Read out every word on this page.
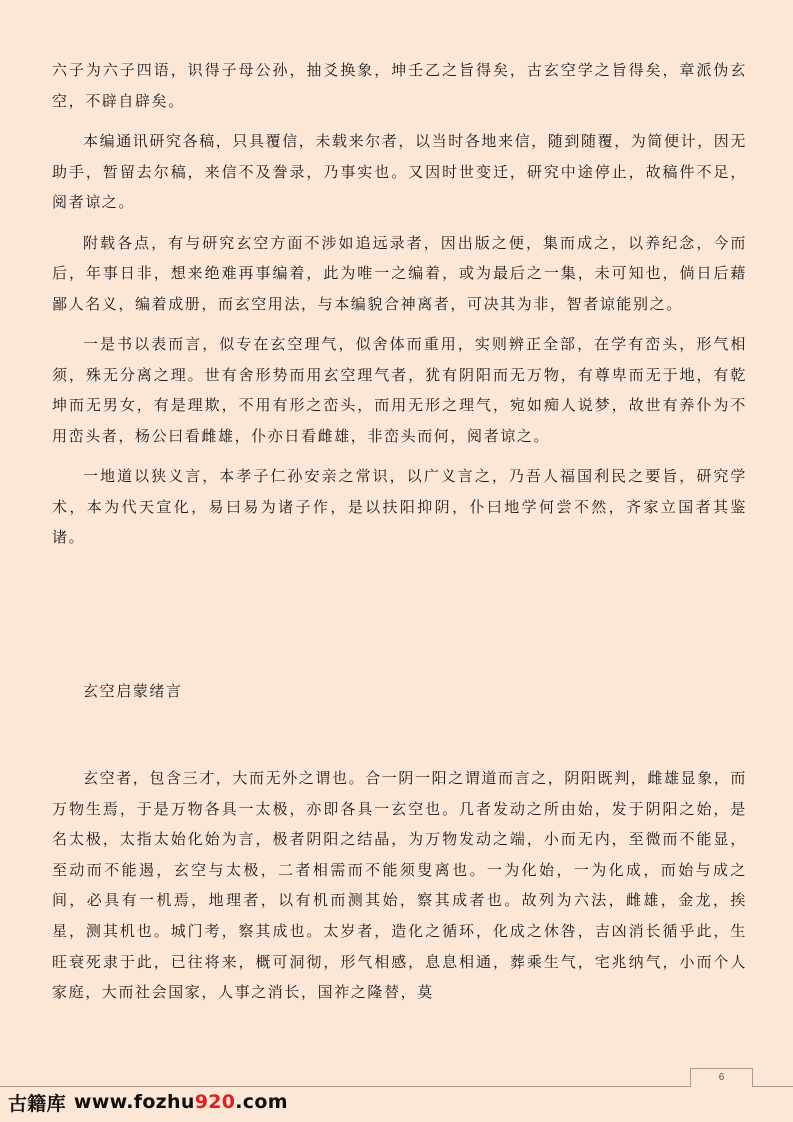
六子为六子四语，识得子母公孙，抽爻换象，坤壬乙之旨得矣，古玄空学之旨得矣，章派伪玄空，不辟自辟矣。

本编通讯研究各稿，只具覆信，未载来尔者，以当时各地来信，随到随覆，为简便计，因无助手，暂留去尔稿，来信不及誊录，乃事实也。又因时世变迁，研究中途停止，故稿件不足，阅者谅之。

附载各点，有与研究玄空方面不涉如追远录者，因出版之便，集而成之，以养纪念，今而后，年事日非，想来绝难再事编着，此为唯一之编着，或为最后之一集，未可知也，倘日后藉鄙人名义，编着成册，而玄空用法，与本编貌合神离者，可决其为非，智者谅能别之。

一是书以表而言，似专在玄空理气，似舍体而重用，实则辨正全部，在学有峦头，形气相须，殊无分离之理。世有舍形势而用玄空理气者，犹有阴阳而无万物，有尊卑而无于地，有乾坤而无男女，有是理欺，不用有形之峦头，而用无形之理气，宛如痴人说梦，故世有养仆为不用峦头者，杨公曰看雌雄，仆亦日看雌雄，非峦头而何，阅者谅之。

一地道以狭义言，本孝子仁孙安亲之常识，以广义言之，乃吾人福国利民之要旨，研究学术，本为代天宣化，易曰易为诸子作，是以扶阳抑阴，仆曰地学何尝不然，齐家立国者其鉴诸。

玄空启蒙绪言

玄空者，包含三才，大而无外之谓也。合一阴一阳之谓道而言之，阴阳既判，雌雄显象，而万物生焉，于是万物各具一太极，亦即各具一玄空也。几者发动之所由始，发于阴阳之始，是名太极，太指太始化始为言，极者阴阳之结晶，为万物发动之端，小而无内，至微而不能显，至动而不能遏，玄空与太极，二者相需而不能须叟离也。一为化始，一为化成，而始与成之间，必具有一机焉，地理者，以有机而测其始，察其成者也。故列为六法，雌雄，金龙，挨星，测其机也。城门考，察其成也。太岁者，造化之循环，化成之休咎，吉凶消长循乎此，生旺衰死隶于此，已往将来，概可洞彻，形气相感，息息相通，葬乘生气，宅兆纳气，小而个人家庭，大而社会国家，人事之消长，国祚之隆替，莫

6
古籍库 www.fozhu920.com
